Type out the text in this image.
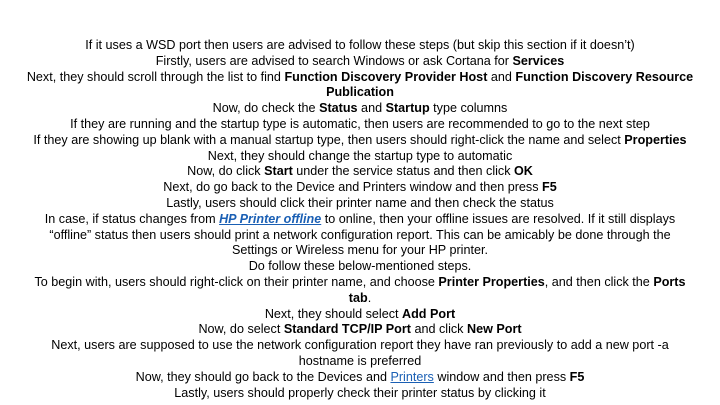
If it uses a WSD port then users are advised to follow these steps (but skip this section if it doesn’t)
Firstly, users are advised to search Windows or ask Cortana for Services
Next, they should scroll through the list to find Function Discovery Provider Host and Function Discovery Resource Publication
Now, do check the Status and Startup type columns
If they are running and the startup type is automatic, then users are recommended to go to the next step
If they are showing up blank with a manual startup type, then users should right-click the name and select Properties
Next, they should change the startup type to automatic
Now, do click Start under the service status and then click OK
Next, do go back to the Device and Printers window and then press F5
Lastly, users should click their printer name and then check the status
In case, if status changes from HP Printer offline to online, then your offline issues are resolved. If it still displays “offline” status then users should print a network configuration report. This can be amicably be done through the Settings or Wireless menu for your HP printer.
Do follow these below-mentioned steps.
To begin with, users should right-click on their printer name, and choose Printer Properties, and then click the Ports tab.
Next, they should select Add Port
Now, do select Standard TCP/IP Port and click New Port
Next, users are supposed to use the network configuration report they have ran previously to add a new port -a hostname is preferred
Now, they should go back to the Devices and Printers window and then press F5
Lastly, users should properly check their printer status by clicking it
